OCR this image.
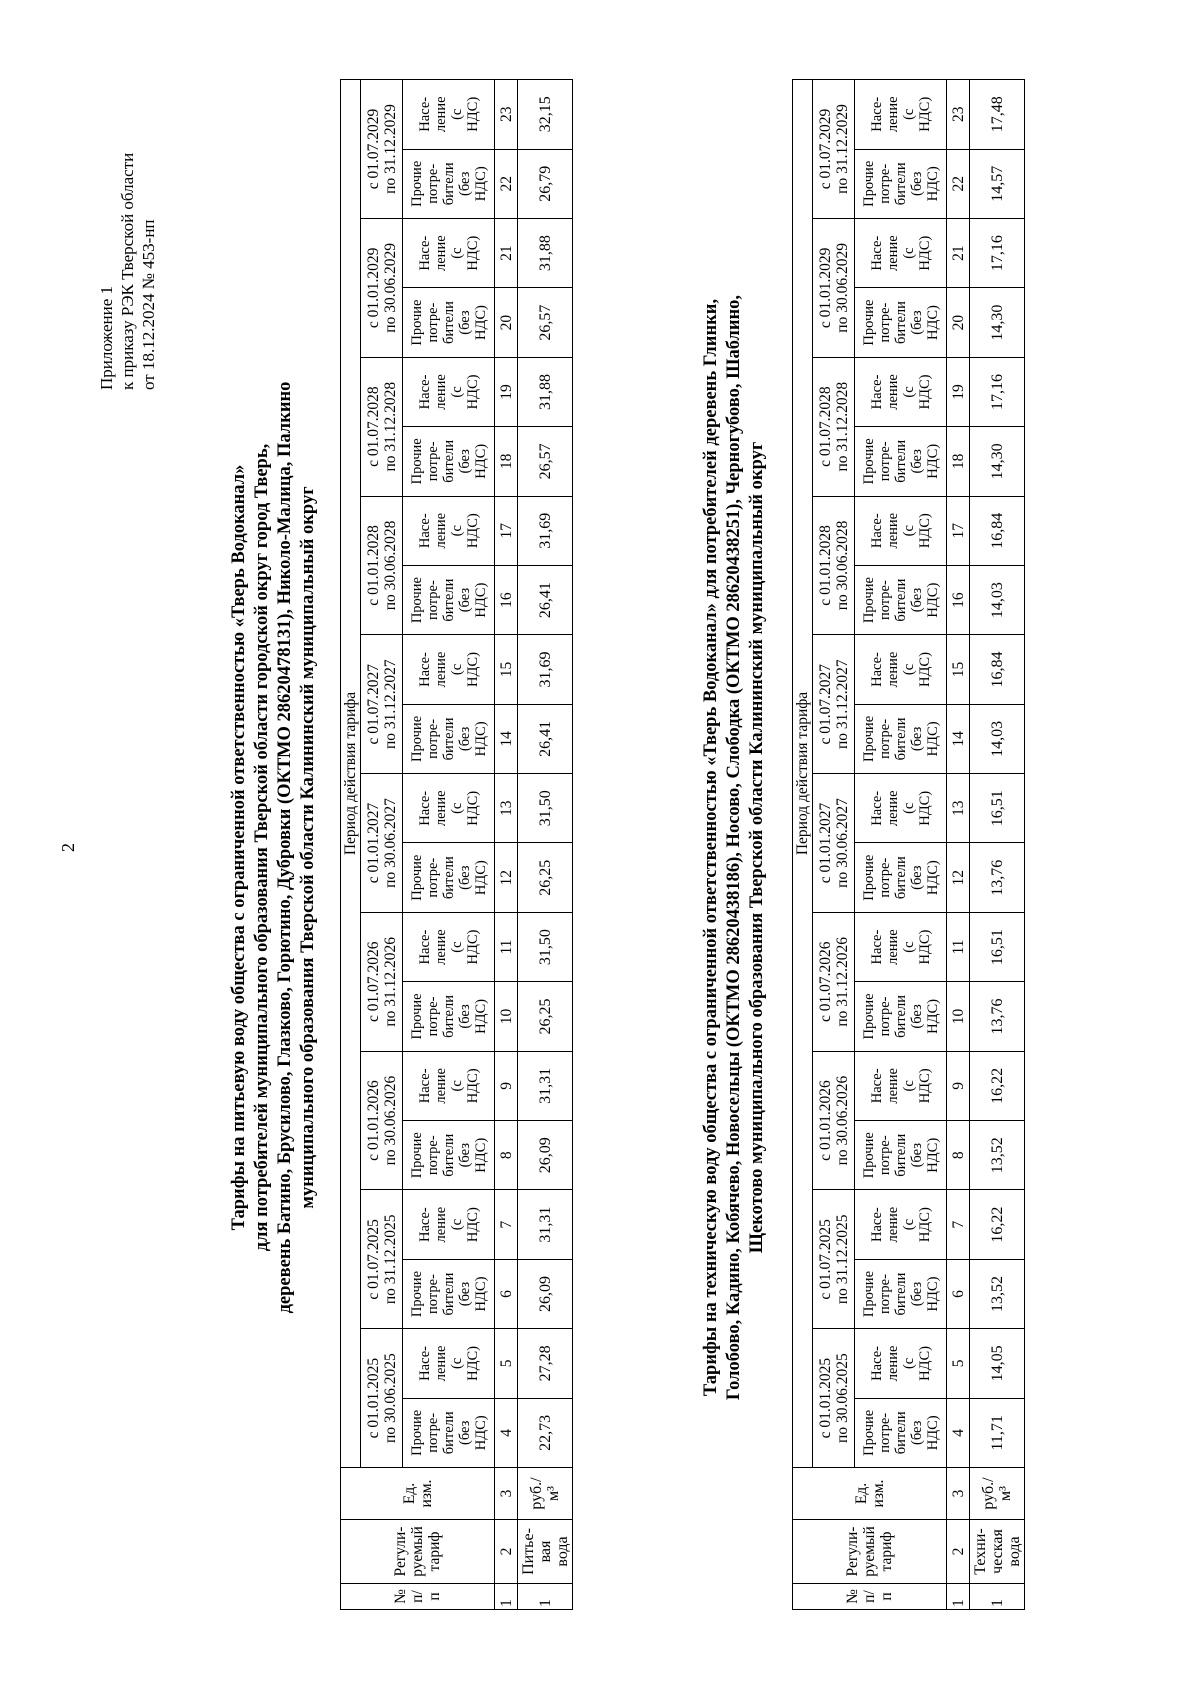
2
Приложение 1 к приказу РЭК Тверской области от 18.12.2024 № 453-нп
Тарифы на питьевую воду общества с ограниченной ответственностью «Тверь Водоканал» для потребителей муниципального образования Тверской области городской округ город Тверь, деревень Батино, Брусилово, Глазково, Горютино, Дубровки (ОКТМО 28620478131), Николо-Малица, Палкино муниципального образования Тверской области Калининский муниципальный округ
№
п/
п	Регули-
руемый
тариф	Ед.
изм.	Период действия тарифа																			

			с 01.01.2025
по 30.06.2025		с 01.07.2025
по 31.12.2025		с 01.01.2026
по 30.06.2026		с 01.07.2026
по 31.12.2026		с 01.01.2027
по 30.06.2027		с 01.07.2027
по 31.12.2027		с 01.01.2028
по 30.06.2028		с 01.07.2028
по 31.12.2028		с 01.01.2029
по 30.06.2029		с 01.07.2029
по 31.12.2029	

			Прочие
потре-
бители
(без
НДС)	Насе-
ление
(с
НДС)	Прочие
потре-
бители
(без
НДС)	Насе-
ление
(с
НДС)	Прочие
потре-
бители
(без
НДС)	Насе-
ление
(с
НДС)	Прочие
потре-
бители
(без
НДС)	Насе-
ление
(с
НДС)	Прочие
потре-
бители
(без
НДС)	Насе-
ление
(с
НДС)	Прочие
потре-
бители
(без
НДС)	Насе-
ление
(с
НДС)	Прочие
потре-
бители
(без
НДС)	Насе-
ление
(с
НДС)	Прочие
потре-
бители
(без
НДС)	Насе-
ление
(с
НДС)	Прочие
потре-
бители
(без
НДС)	Насе-
ление
(с
НДС)	Прочие
потре-
бители
(без
НДС)	Насе-
ление
(с
НДС)

1	2	3	4	5	6	7	8	9	10	11	12	13	14	15	16	17	18	19	20	21	22	23
1	Питье-
вая
вода	руб./
м³	22,73	27,28	26,09	31,31	26,09	31,31	26,25	31,50	26,25	31,50	26,41	31,69	26,41	31,69	26,57	31,88	26,57	31,88	26,79	32,15
Тарифы на техническую воду общества с ограниченной ответственностью «Тверь Водоканал» для потребителей деревень Глинки, Голобово, Кадино, Кобячево, Новосельцы (ОКТМО 28620438186), Носово, Слободка (ОКТМО 28620438251), Черногубово, Шаблино, Щекотово муниципального образования Тверской области Калининский муниципальный округ
№
п/
п	Регули-
руемый
тариф	Ед.
изм.	Период действия тарифа																			

			с 01.01.2025
по 30.06.2025		с 01.07.2025
по 31.12.2025		с 01.01.2026
по 30.06.2026		с 01.07.2026
по 31.12.2026		с 01.01.2027
по 30.06.2027		с 01.07.2027
по 31.12.2027		с 01.01.2028
по 30.06.2028		с 01.07.2028
по 31.12.2028		с 01.01.2029
по 30.06.2029		с 01.07.2029
по 31.12.2029	

			Прочие
потре-
бители
(без
НДС)	Насе-
ление
(с
НДС)	Прочие
потре-
бители
(без
НДС)	Насе-
ление
(с
НДС)	Прочие
потре-
бители
(без
НДС)	Насе-
ление
(с
НДС)	Прочие
потре-
бители
(без
НДС)	Насе-
ление
(с
НДС)	Прочие
потре-
бители
(без
НДС)	Насе-
ление
(с
НДС)	Прочие
потре-
бители
(без
НДС)	Насе-
ление
(с
НДС)	Прочие
потре-
бители
(без
НДС)	Насе-
ление
(с
НДС)	Прочие
потре-
бители
(без
НДС)	Насе-
ление
(с
НДС)	Прочие
потре-
бители
(без
НДС)	Насе-
ление
(с
НДС)	Прочие
потре-
бители
(без
НДС)	Насе-
ление
(с
НДС)

1	2	3	4	5	6	7	8	9	10	11	12	13	14	15	16	17	18	19	20	21	22	23
1	Техни-
ческая
вода	руб./
м³	11,71	14,05	13,52	16,22	13,52	16,22	13,76	16,51	13,76	16,51	14,03	16,84	14,03	16,84	14,30	17,16	14,30	17,16	14,57	17,48
